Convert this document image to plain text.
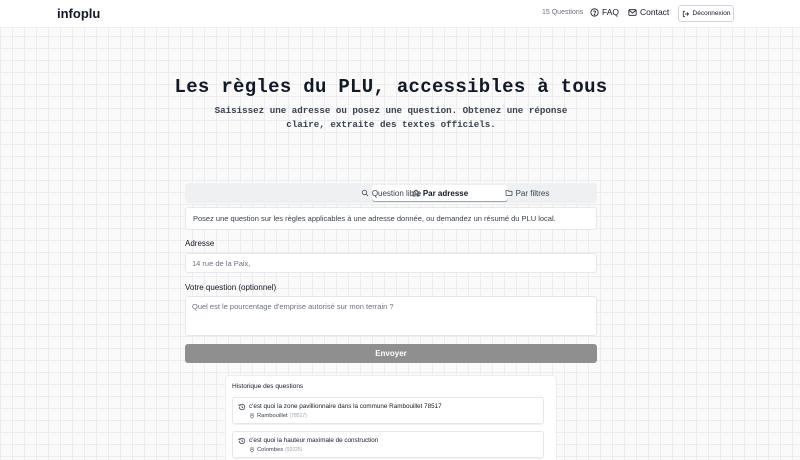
infoplu	15 Questions FAQ Contact	Déconnexion
Les règles du PLU, accessibles à tous

Saisissez une adresse ou posez une question. Obtenez une réponse claire, extraite des textes officiels.

Par adresse
Question libre	Par filtres
Posez une question sur les règles applicables à une adresse donnée, ou demandez un résumé du PLU local.
Adresse
14 rue de la Paix,
Votre question (optionnel)
Quel est le pourcentage d'emprise autorisé sur mon terrain ?
Envoyer
Historique des questions
c'est quoi la zone pavillionnaire dans la commune Rambouillet 78517
Rambouillet (78517)
c'est quoi la hauteur maximale de construction
Colombes (92025)
